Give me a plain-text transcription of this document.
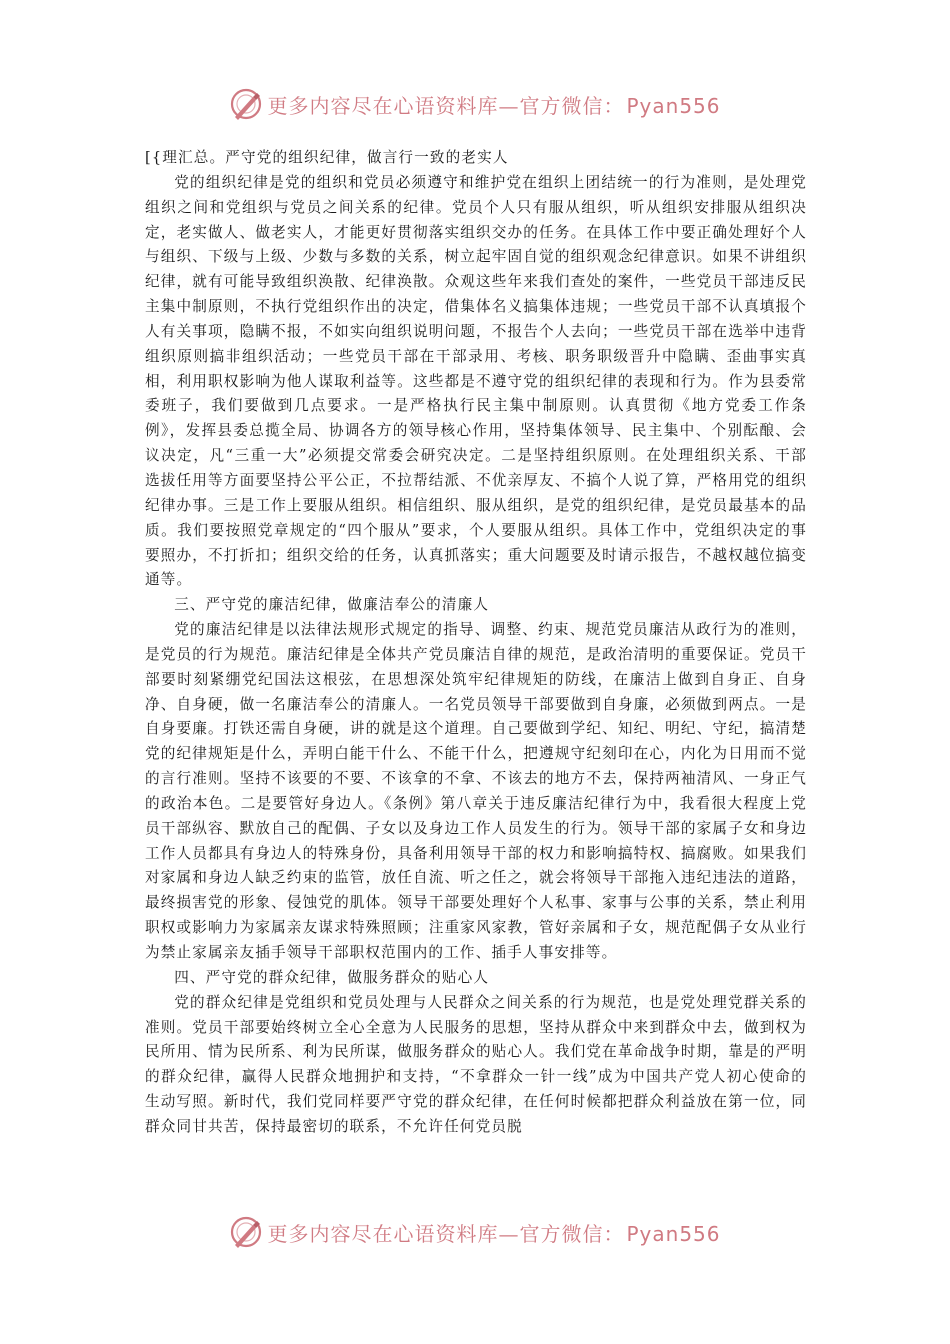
更多内容尽在心语资料库—官方微信： Pyan556

[{理汇总。严守党的组织纪律，做言行一致的老实人

党的组织纪律是党的组织和党员必须遵守和维护党在组织上团结统一的行为准则，是处理党组织之间和党组织与党员之间关系的纪律。党员个人只有服从组织，听从组织安排服从组织决定，老实做人、做老实人，才能更好贯彻落实组织交办的任务。在具体工作中要正确处理好个人与组织、下级与上级、少数与多数的关系，树立起牢固自觉的组织观念纪律意识。如果不讲组织纪律，就有可能导致组织涣散、纪律涣散。众观这些年来我们查处的案件，一些党员干部违反民主集中制原则，不执行党组织作出的决定，借集体名义搞集体违规；一些党员干部不认真填报个人有关事项，隐瞒不报，不如实向组织说明问题，不报告个人去向；一些党员干部在选举中违背组织原则搞非组织活动；一些党员干部在干部录用、考核、职务职级晋升中隐瞒、歪曲事实真相，利用职权影响为他人谋取利益等。这些都是不遵守党的组织纪律的表现和行为。作为县委常委班子，我们要做到几点要求。一是严格执行民主集中制原则。认真贯彻《地方党委工作条例》，发挥县委总揽全局、协调各方的领导核心作用，坚持集体领导、民主集中、个别酝酿、会议决定，凡“三重一大”必须提交常委会研究决定。二是坚持组织原则。在处理组织关系、干部选拔任用等方面要坚持公平公正，不拉帮结派、不优亲厚友、不搞个人说了算，严格用党的组织纪律办事。三是工作上要服从组织。相信组织、服从组织，是党的组织纪律，是党员最基本的品质。我们要按照党章规定的“四个服从”要求，个人要服从组织。具体工作中，党组织决定的事要照办，不打折扣；组织交给的任务，认真抓落实；重大问题要及时请示报告，不越权越位搞变通等。

三、严守党的廉洁纪律，做廉洁奉公的清廉人

党的廉洁纪律是以法律法规形式规定的指导、调整、约束、规范党员廉洁从政行为的准则，是党员的行为规范。廉洁纪律是全体共产党员廉洁自律的规范，是政治清明的重要保证。党员干部要时刻紧绷党纪国法这根弦，在思想深处筑牢纪律规矩的防线，在廉洁上做到自身正、自身净、自身硬，做一名廉洁奉公的清廉人。一名党员领导干部要做到自身廉，必须做到两点。一是自身要廉。打铁还需自身硬，讲的就是这个道理。自己要做到学纪、知纪、明纪、守纪，搞清楚党的纪律规矩是什么，弄明白能干什么、不能干什么，把遵规守纪刻印在心，内化为日用而不觉的言行准则。坚持不该要的不要、不该拿的不拿、不该去的地方不去，保持两袖清风、一身正气的政治本色。二是要管好身边人。《条例》第八章关于违反廉洁纪律行为中，我看很大程度上党员干部纵容、默放自己的配偶、子女以及身边工作人员发生的行为。领导干部的家属子女和身边工作人员都具有身边人的特殊身份，具备利用领导干部的权力和影响搞特权、搞腐败。如果我们对家属和身边人缺乏约束的监管，放任自流、听之任之，就会将领导干部拖入违纪违法的道路，最终损害党的形象、侵蚀党的肌体。领导干部要处理好个人私事、家事与公事的关系，禁止利用职权或影响力为家属亲友谋求特殊照顾；注重家风家教，管好亲属和子女，规范配偶子女从业行为禁止家属亲友插手领导干部职权范围内的工作、插手人事安排等。

四、严守党的群众纪律，做服务群众的贴心人

党的群众纪律是党组织和党员处理与人民群众之间关系的行为规范，也是党处理党群关系的准则。党员干部要始终树立全心全意为人民服务的思想，坚持从群众中来到群众中去，做到权为民所用、情为民所系、利为民所谋，做服务群众的贴心人。我们党在革命战争时期，靠是的严明的群众纪律，赢得人民群众地拥护和支持，“不拿群众一针一线”成为中国共产党人初心使命的生动写照。新时代，我们党同样要严守党的群众纪律，在任何时候都把群众利益放在第一位，同群众同甘共苦，保持最密切的联系，不允许任何党员脱

更多内容尽在心语资料库—官方微信： Pyan556
